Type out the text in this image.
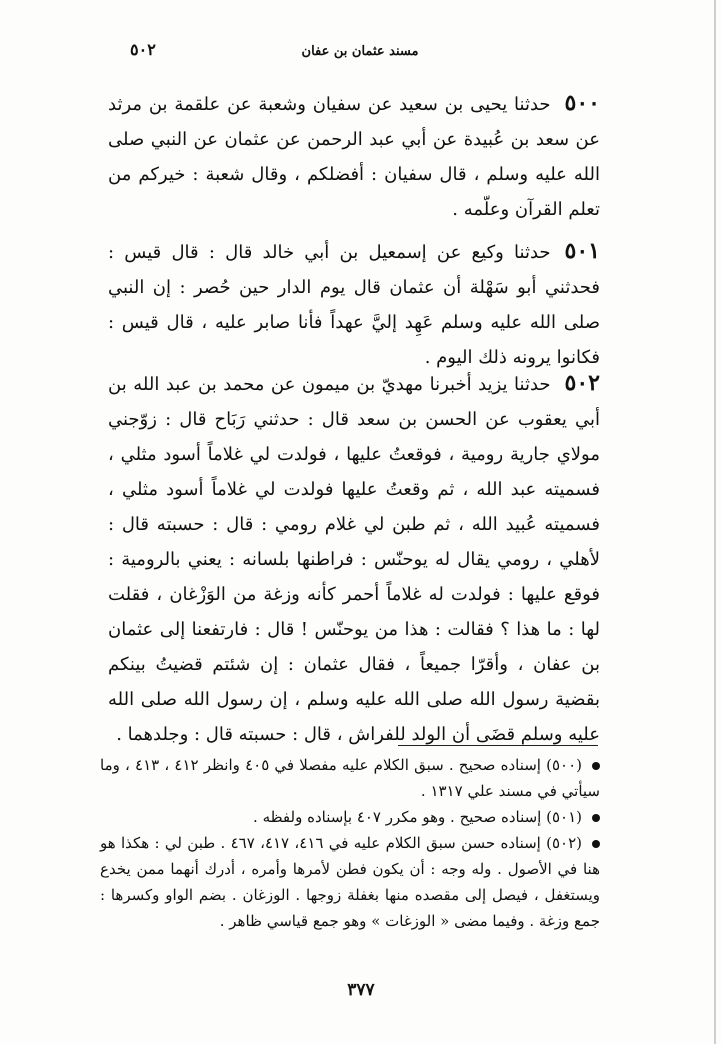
٥٠٢	مسند عثمان بن عفان
٥٠٠حدثنا يحيى بن سعيد عن سفيان وشعبة عن علقمة بن مرثد عن سعد بن عُبيدة عن أبي عبد الرحمن عن عثمان عن النبي صلى الله عليه وسلم ، قال سفيان : أفضلكم ، وقال شعبة : خيركم من تعلم القرآن وعلّمه .
٥٠١حدثنا وكيع عن إسمعيل بن أبي خالد قال : قال قيس : فحدثني أبو سَهْلة أن عثمان قال يوم الدار حين حُصر : إن النبي صلى الله عليه وسلم عَهِد إليَّ عهداً فأنا صابر عليه ، قال قيس : فكانوا يرونه ذلك اليوم .
٥٠٢حدثنا يزيد أخبرنا مهديّ بن ميمون عن محمد بن عبد الله بن أبي يعقوب عن الحسن بن سعد قال : حدثني رَبَاح قال : زوّجني مولاي جارية رومية ، فوقعتُ عليها ، فولدت لي غلاماً أسود مثلي ، فسميته عبد الله ، ثم وقعتُ عليها فولدت لي غلاماً أسود مثلي ، فسميته عُبيد الله ، ثم طبن لي غلام رومي : قال : حسبته قال : لأهلي ، رومي يقال له يوحنّس : فراطنها بلسانه : يعني بالرومية : فوقع عليها : فولدت له غلاماً أحمر كأنه وزغة من الوَزْغان ، فقلت لها : ما هذا ؟ فقالت : هذا من يوحنّس ! قال : فارتفعنا إلى عثمان بن عفان ، وأقرّا جميعاً ، فقال عثمان : إن شئتم قضيتُ بينكم بقضية رسول الله صلى الله عليه وسلم ، إن رسول الله صلى الله عليه وسلم قضَى أن الولد للفراش ، قال : حسبته قال : وجلدهما .

(٥٠٠) إسناده صحيح . سبق الكلام عليه مفصلا في ٤٠٥ وانظر ٤١٢ ، ٤١٣ ، وما سيأتي في مسند علي ١٣١٧ .

(٥٠١) إسناده صحيح . وهو مكرر ٤٠٧ بإسناده ولفظه .

(٥٠٢) إسناده حسن سبق الكلام عليه في ٤١٦، ٤١٧، ٤٦٧ . طبن لي : هكذا هو هنا في الأصول . وله وجه : أن يكون فطن لأمرها وأمره ، أدرك أنهما ممن يخدع ويستغفل ، فيصل إلى مقصده منها بغفلة زوجها . الوزغان . بضم الواو وكسرها : جمع وزغة . وفيما مضى « الوزغات » وهو جمع قياسي ظاهر .

٣٧٧
